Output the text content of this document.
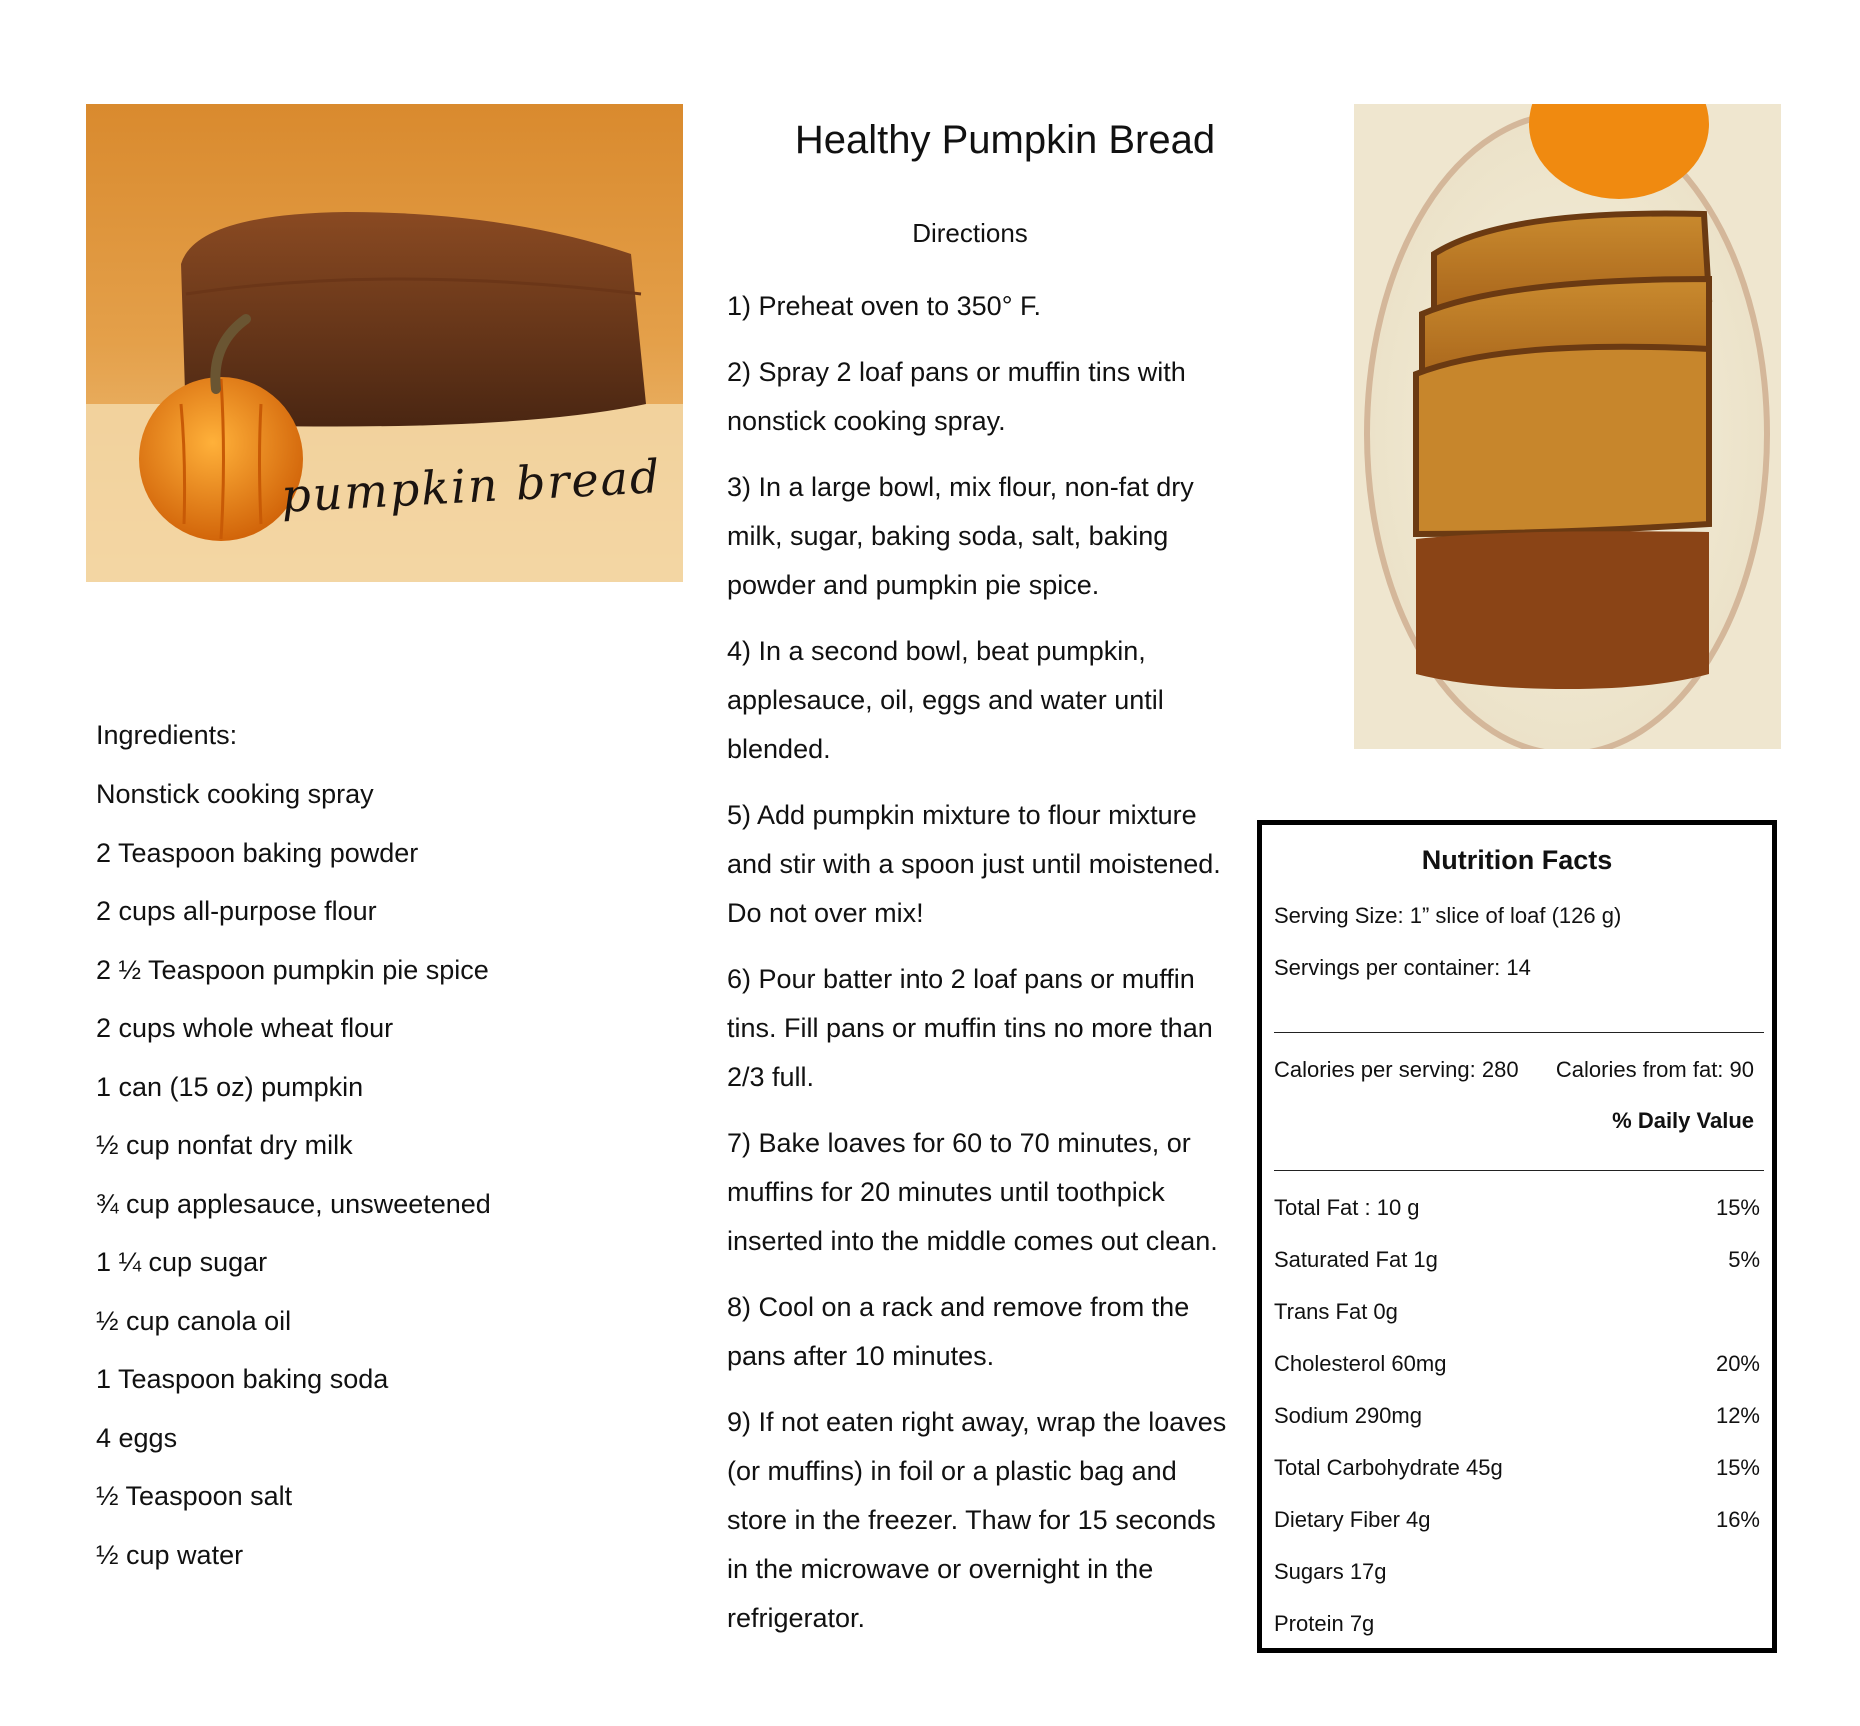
pumpkin bread
Healthy Pumpkin Bread
Directions
1) Preheat oven to 350° F.
2) Spray 2 loaf pans or muffin tins with nonstick cooking spray.
3) In a large bowl, mix flour, non-fat dry milk, sugar, baking soda, salt, baking powder and pumpkin pie spice.
4) In a second bowl, beat pumpkin, applesauce, oil, eggs and water until blended.
5) Add pumpkin mixture to flour mixture and stir with a spoon just until moistened. Do not over mix!
6) Pour batter into 2 loaf pans or muffin tins. Fill pans or muffin tins no more than 2/3 full.
7) Bake loaves for 60 to 70 minutes, or muffins for 20 minutes until toothpick inserted into the middle comes out clean.
8) Cool on a rack and remove from the pans after 10 minutes.
9) If not eaten right away, wrap the loaves (or muffins) in foil or a plastic bag and store in the freezer. Thaw for 15 seconds in the microwave or overnight in the refrigerator.
Ingredients:
Nonstick cooking spray
2 Teaspoon baking powder
2 cups all-purpose flour
2 ½ Teaspoon pumpkin pie spice
2 cups whole wheat flour
1 can (15 oz) pumpkin
½ cup nonfat dry milk
¾ cup applesauce, unsweetened
1 ¼ cup sugar
½ cup canola oil
1 Teaspoon baking soda
4 eggs
½ Teaspoon salt
½ cup water
Nutrition Facts
Serving Size: 1” slice of loaf (126 g)
Servings per container: 14
Calories per serving: 280 Calories from fat: 90
% Daily Value
Total Fat : 10 g	15%
Saturated Fat 1g	5%
Trans Fat 0g
Cholesterol 60mg	20%
Sodium 290mg	12%
Total Carbohydrate 45g	15%
Dietary Fiber 4g	16%
Sugars 17g
Protein 7g
